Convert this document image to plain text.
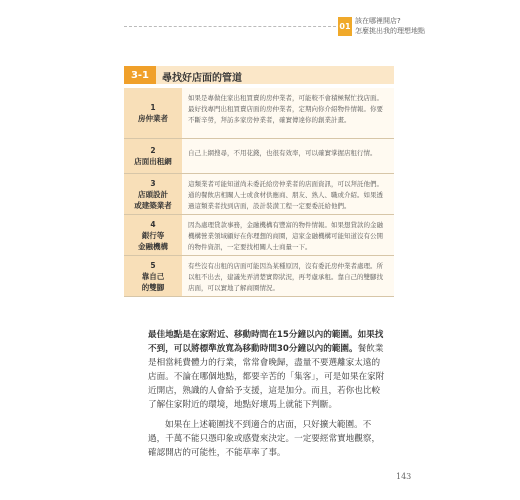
01
該在哪裡開店?
怎麼挑出我的理想地點
3-1	尋找好店面的管道
1
房仲業者
如果是專做住家出租買賣的房仲業者，可能較不會積極幫忙找店面。最好找專門出租買賣店面的房仲業者，定期向你介紹物件情報。你要不斷辛勞，拜訪多家房仲業者，確實傳達你的創業計畫。
2
店面出租網
自己上網搜尋，不用花錢，也很有效率，可以確實掌握店租行情。
3
店頭設計
或建築業者
這類業者可能知道尚未委託給房仲業者的店面資訊，可以拜託他們。通的餐飲店相關人士或食材供應商、朋友、熟人、職或介紹。如果透過這類業者找到店面，設計裝潢工程一定要委託給他們。
4
銀行等
金融機構
因為處理貸款事務，金融機構有豐富的物件情報。如果想貸款的金融機構營業領域顧好在你理想的商圈，這家金融機構可能知道沒有公開的物件資訊，一定要找相關人士商量一下。
5
靠自己
的雙腳
有些沒有出租的店面可能因為某種原因，沒有委託房仲業者處理。所以租不出去，建議先弄清楚實際狀況，再考慮承租。靠自己的雙腳找店面，可以實地了解商圈情況。

最佳地點是在家附近、移動時間在15分鐘以內的範圍。如果找不到，可以將標準放寬為移動時間30分鐘以內的範圍。餐飲業是相當耗費體力的行業，常常會晚歸，盡量不要選離家太遠的店面。不論在哪個地點，都要辛苦的「集客」，可是如果在家附近開店，熟識的人會給予支援，這是加分。而且，若你也比較了解住家附近的環境，地點好壞馬上就能下判斷。

如果在上述範圍找不到適合的店面，只好擴大範圍。不過，千萬不能只憑印象或感覺來決定。一定要經常實地觀察，確認開店的可能性，不能草率了事。

143
